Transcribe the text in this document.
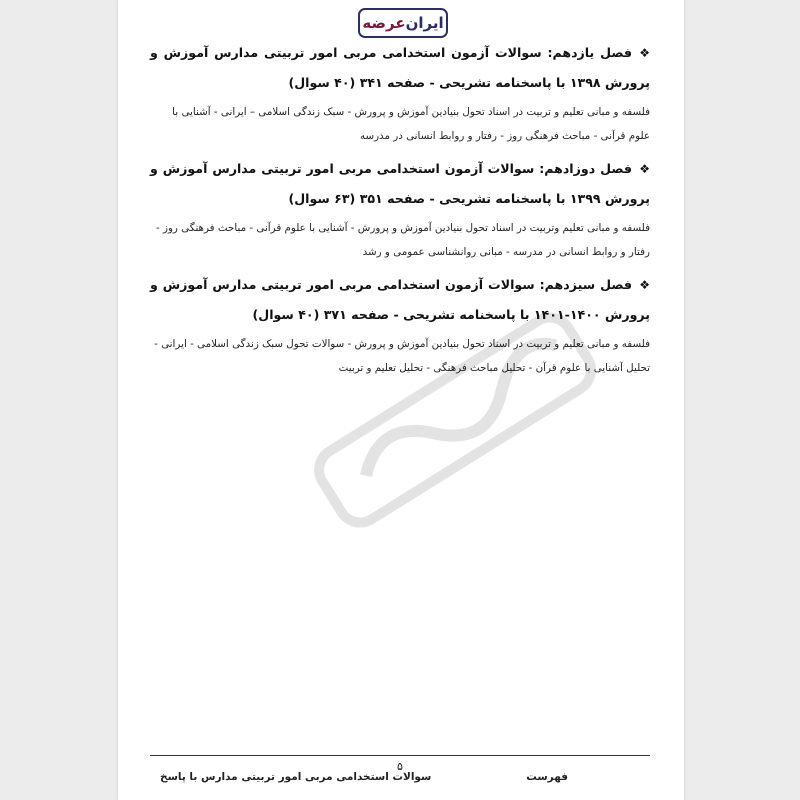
ایران
عرضه

❖فصل یازدهم: سوالات آزمون استخدامی مربی امور تربیتی مدارس آموزش و پرورش ۱۳۹۸ با پاسخنامه تشریحی - صفحه ۳۴۱ (۴۰ سوال)

فلسفه و مبانی تعلیم و تربیت در اسناد تحول بنیادین آموزش و پرورش - سبک زندگی اسلامی – ایرانی - آشنایی با علوم قرآنی - مباحث فرهنگی روز - رفتار و روابط انسانی در مدرسه

❖فصل دوزادهم: سوالات آزمون استخدامی مربی امور تربیتی مدارس آموزش و پرورش ۱۳۹۹ با پاسخنامه تشریحی - صفحه ۳۵۱ (۶۳ سوال)

فلسفه و مبانی تعلیم وتربیت در اسناد تحول بنیادین آموزش و پرورش - آشنایی با علوم قرآنی - مباحث فرهنگی روز - رفتار و روابط انسانی در مدرسه - مبانی روانشناسی عمومی و رشد

❖فصل سیزدهم: سوالات آزمون استخدامی مربی امور تربیتی مدارس آموزش و پرورش ۱۴۰۰-۱۴۰۱ با پاسخنامه تشریحی - صفحه ۳۷۱ (۴۰ سوال)

فلسفه و مبانی تعلیم و تربیت در اسناد تحول بنیادین آموزش و پرورش - سوالات تحول سبک زندگی اسلامی - ایرانی - تحلیل آشنایی با علوم قرآن - تحلیل مباحث فرهنگی - تحلیل تعلیم و تربیت

۵
فهرست
سوالات استخدامی مربی امور تربیتی مدارس با پاسخ
